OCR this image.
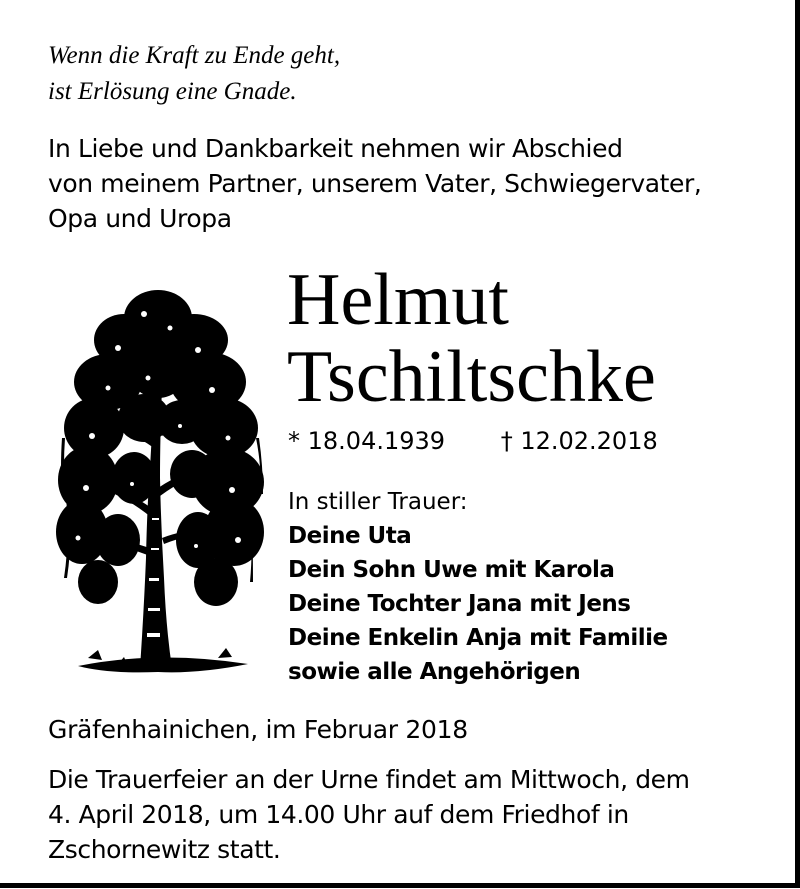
Wenn die Kraft zu Ende geht,
ist Erlösung eine Gnade.
In Liebe und Dankbarkeit nehmen wir Abschied
von meinem Partner, unserem Vater, Schwiegervater,
Opa und Uropa
Helmut
Tschiltschke
* 18.04.1939 † 12.02.2018
In stiller Trauer:
Deine Uta
Dein Sohn Uwe mit Karola
Deine Tochter Jana mit Jens
Deine Enkelin Anja mit Familie
sowie alle Angehörigen
Gräfenhainichen, im Februar 2018
Die Trauerfeier an der Urne findet am Mittwoch, dem
4. April 2018, um 14.00 Uhr auf dem Friedhof in
Zschornewitz statt.
